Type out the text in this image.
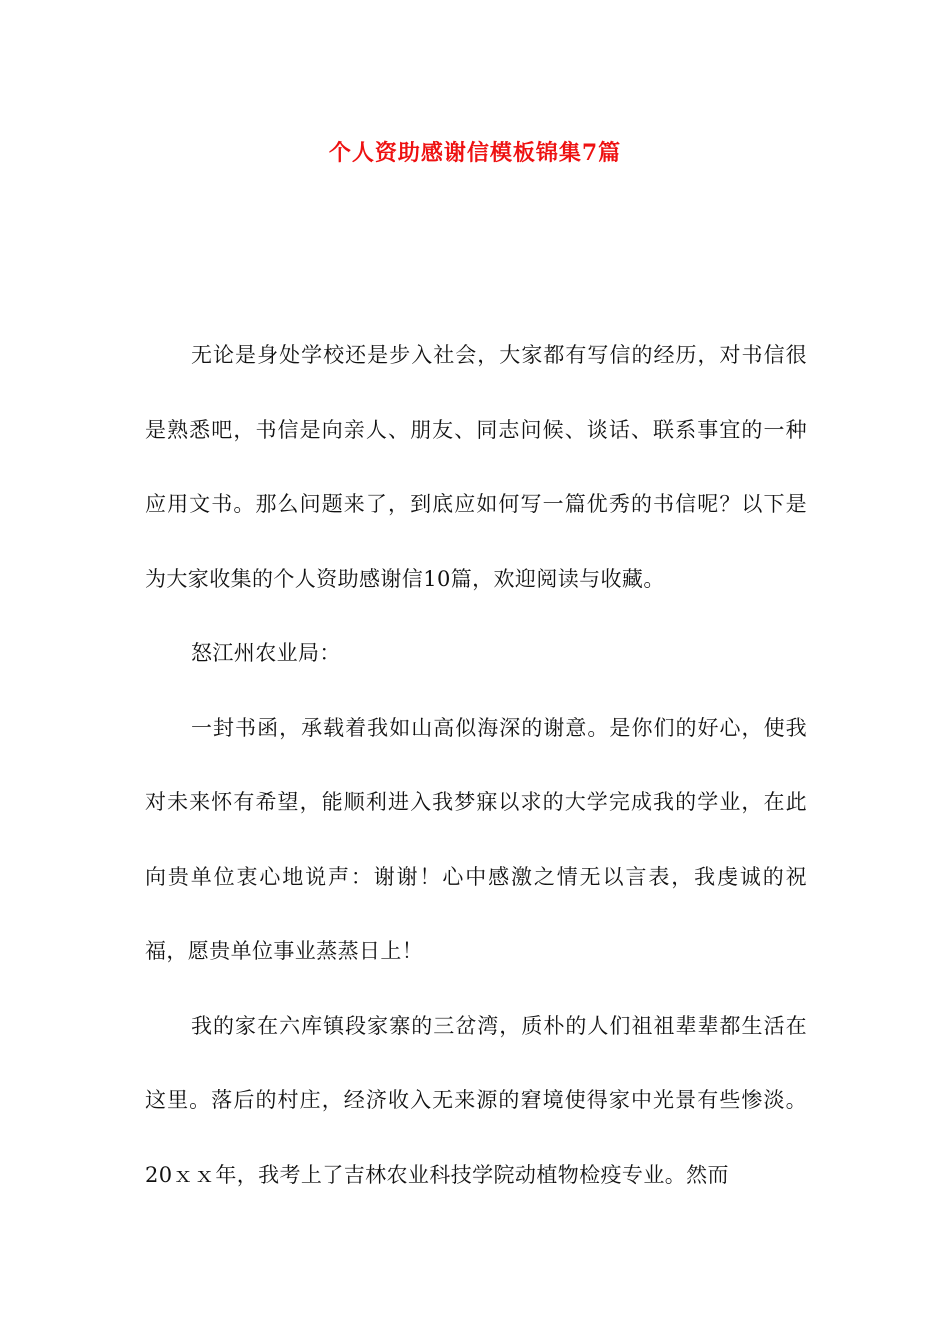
个人资助感谢信模板锦集7篇

无论是身处学校还是步入社会，大家都有写信的经历，对书信很是熟悉吧，书信是向亲人、朋友、同志问候、谈话、联系事宜的一种应用文书。那么问题来了，到底应如何写一篇优秀的书信呢？以下是为大家收集的个人资助感谢信10篇，欢迎阅读与收藏。

怒江州农业局：

一封书函，承载着我如山高似海深的谢意。是你们的好心，使我对未来怀有希望，能顺利进入我梦寐以求的大学完成我的学业，在此向贵单位衷心地说声：谢谢！心中感激之情无以言表，我虔诚的祝福，愿贵单位事业蒸蒸日上！

我的家在六库镇段家寨的三岔湾，质朴的人们祖祖辈辈都生活在这里。落后的村庄，经济收入无来源的窘境使得家中光景有些惨淡。20ｘｘ年，我考上了吉林农业科技学院动植物检疫专业。然而
